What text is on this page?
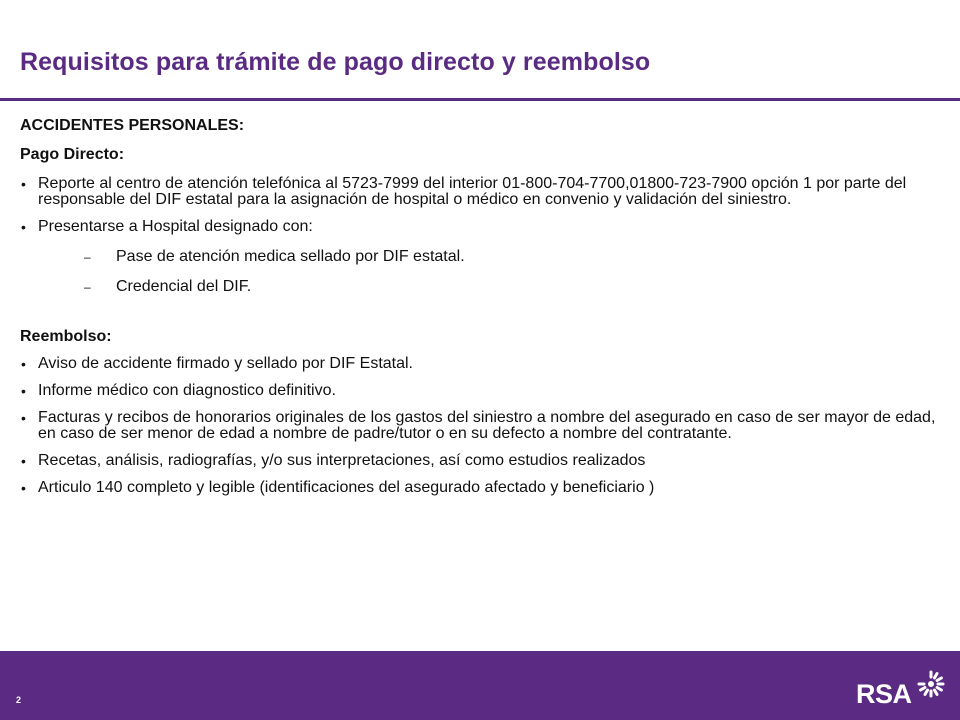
Requisitos para trámite de pago directo y reembolso

ACCIDENTES PERSONALES:

Pago Directo:

• Reporte al centro de atención telefónica al 5723-7999 del interior 01-800-704-7700,01800-723-7900 opción 1 por parte del responsable del DIF estatal para la asignación de hospital o médico en convenio y validación del siniestro.
• Presentarse a Hospital designado con:
– Pase de atención medica sellado por DIF estatal.
– Credencial del DIF.

Reembolso:

• Aviso de accidente firmado y sellado por DIF Estatal.
• Informe médico con diagnostico definitivo.
• Facturas y recibos de honorarios originales de los gastos del siniestro a nombre del asegurado en caso de ser mayor de edad, en caso de ser menor de edad a nombre de padre/tutor o en su defecto a nombre del contratante.
• Recetas, análisis, radiografías, y/o sus interpretaciones, así como estudios realizados
• Articulo 140 completo y legible (identificaciones del asegurado afectado y beneficiario )
2	RSA
